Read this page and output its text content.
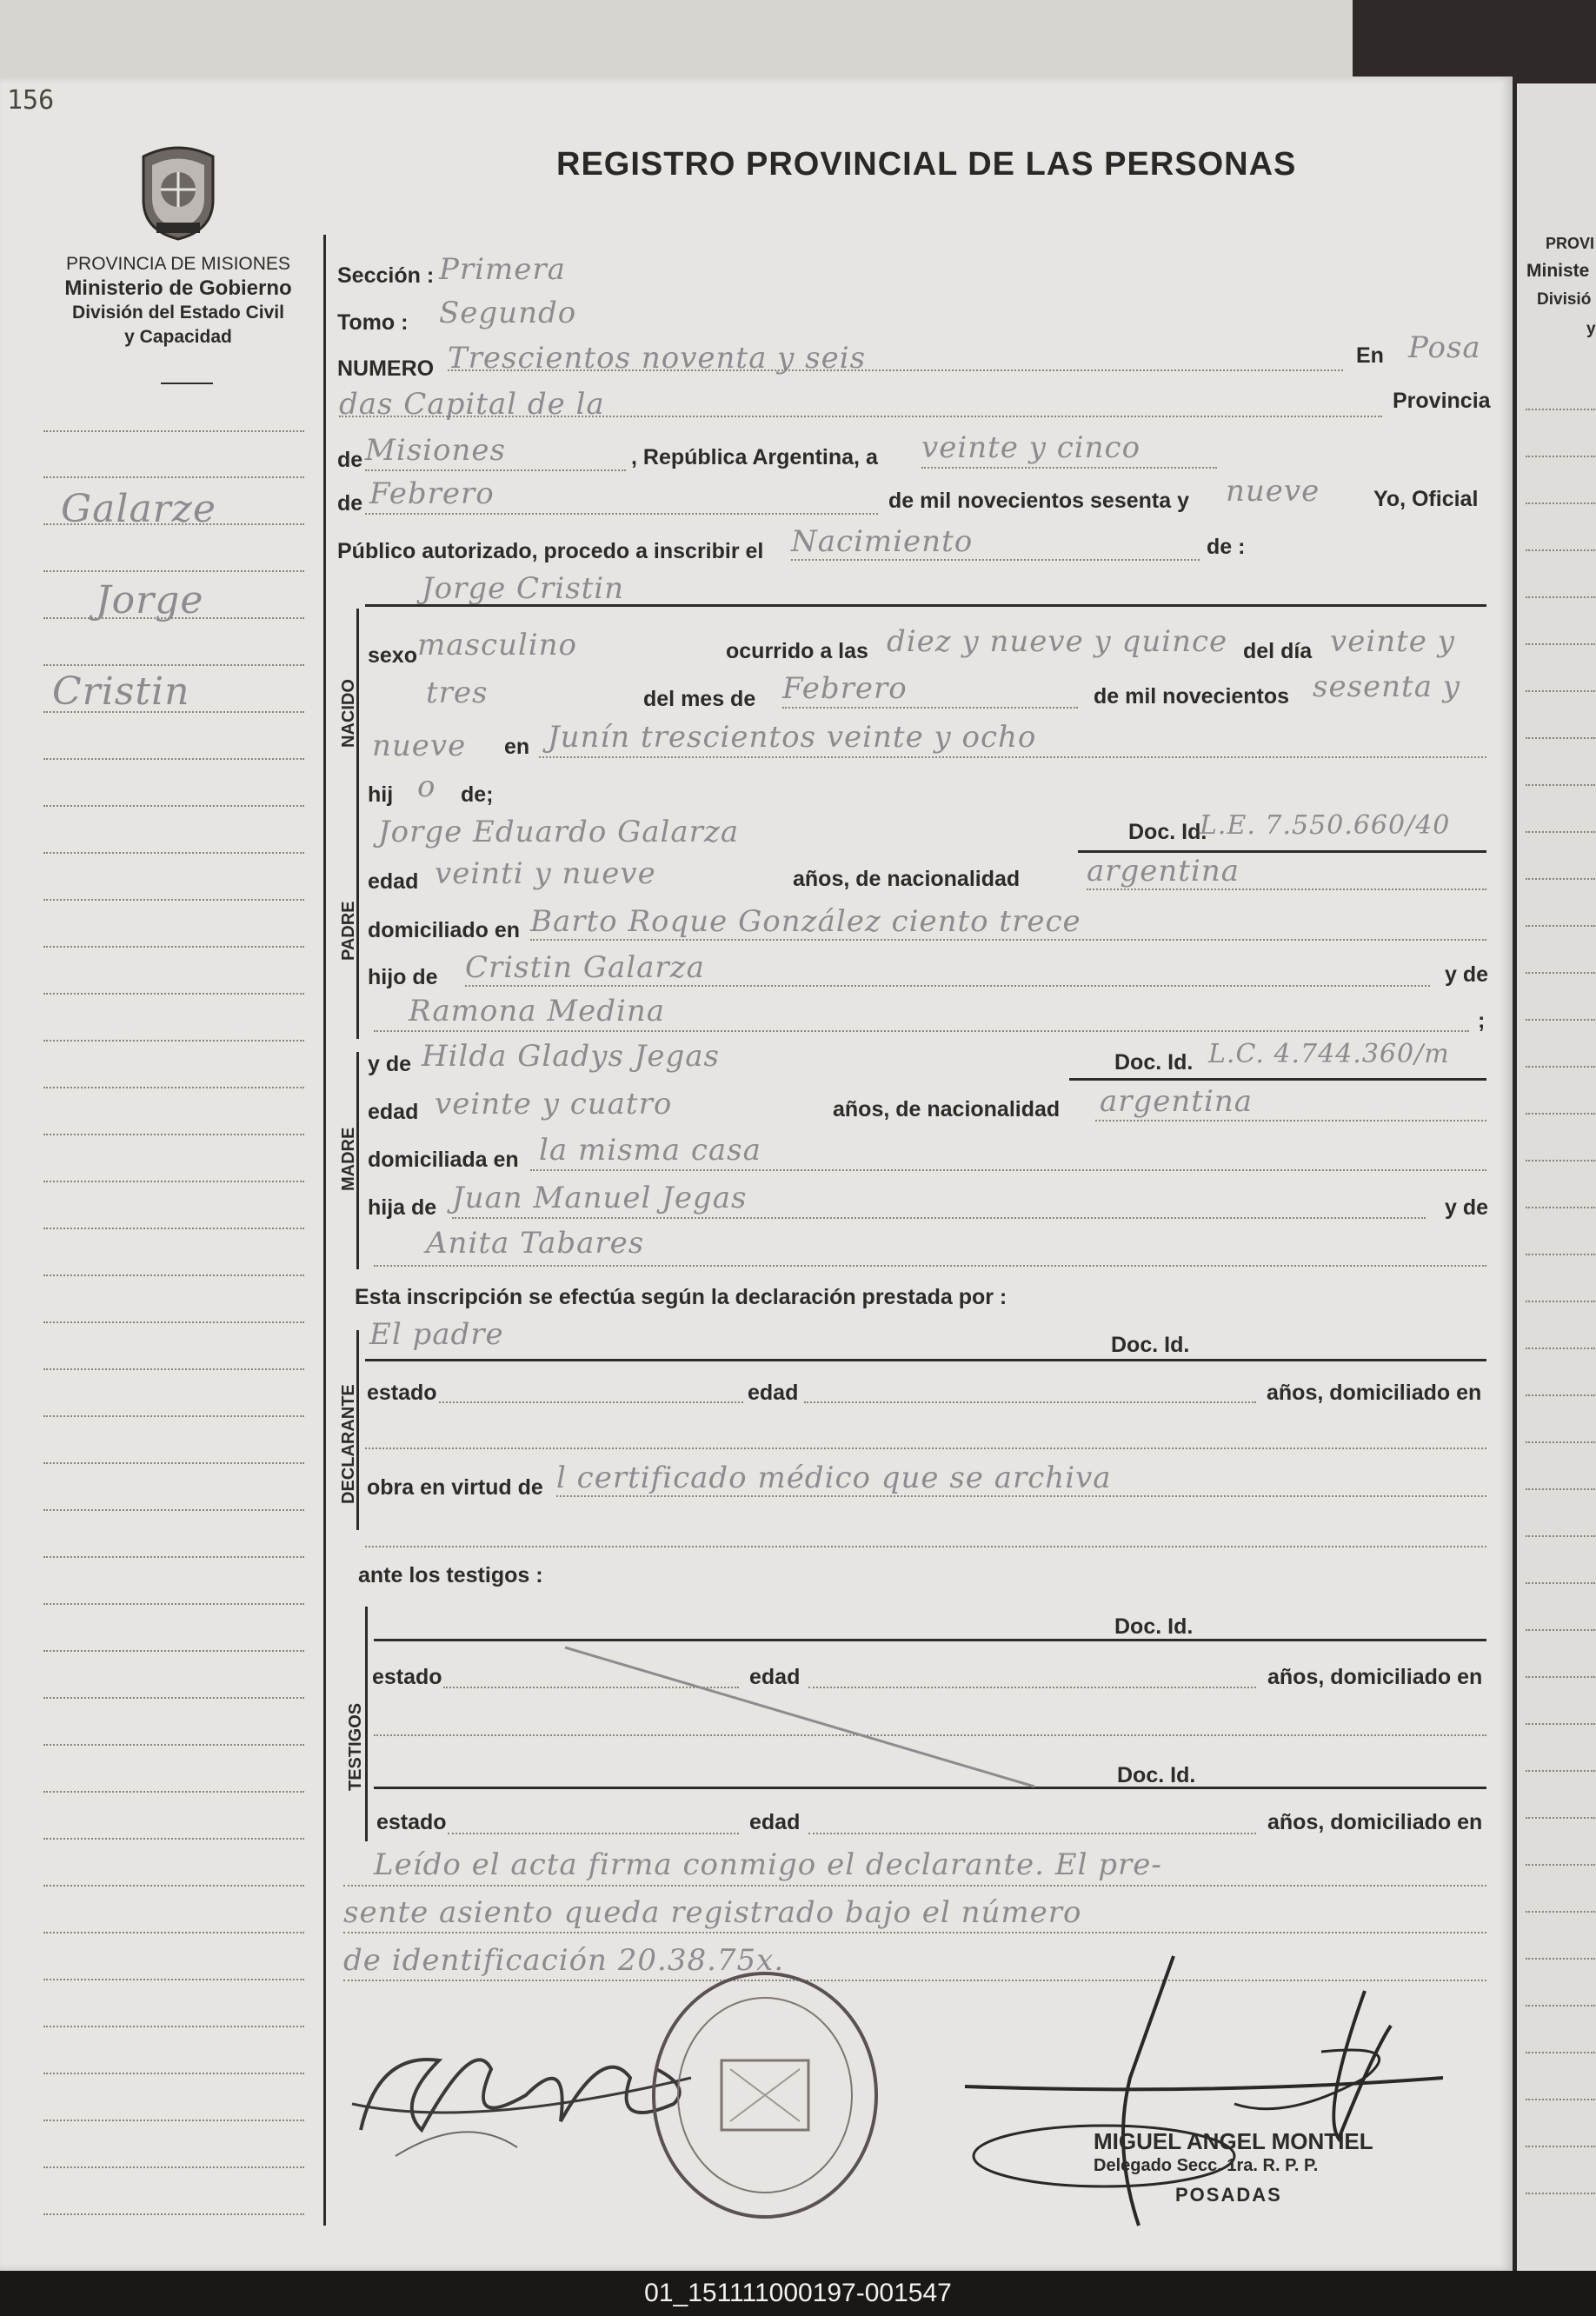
156
PROVI
Ministe
Divisió
y
PROVINCIA DE MISIONES
Ministerio de Gobierno
División del Estado Civil
y Capacidad
REGISTRO PROVINCIAL DE LAS PERSONAS
Galarze
Jorge
Cristin
Sección : Primera
Tomo : Segundo
NUMERO Trescientos noventa y seis	En Posa
das Capital de la	Provincia
de Misiones	, República Argentina, a veinte y cinco
de Febrero	de mil novecientos sesenta y nueve Yo, Oficial
Público autorizado, procedo a inscribir el Nacimiento	de :
Jorge Cristin
NACIDO
sexo masculino	ocurrido a las diez y nueve y quince del día veinte y
tres	del mes de Febrero	de mil novecientos sesenta y
nueve en Junín trescientos veinte y ocho
hij o de;
PADRE
Jorge Eduardo Galarza	Doc. Id.
L.E. 7.550.660/40
edad veinti y nueve	años, de nacionalidad argentina
domiciliado en Barto Roque González ciento trece
hijo de Cristin Galarza	y de
Ramona Medina	;
MADRE
y de Hilda Gladys Jegas	Doc. Id. L.C. 4.744.360/m
edad veinte y cuatro	años, de nacionalidad argentina
domiciliada en la misma casa
hija de Juan Manuel Jegas	y de
Anita Tabares
Esta inscripción se efectúa según la declaración prestada por :
DECLARANTE
El padre	Doc. Id.
estado	edad	años, domiciliado en
obra en virtud de l certificado médico que se archiva
ante los testigos :
TESTIGOS
Doc. Id.
estado	edad	años, domiciliado en
Doc. Id.
estado	edad	años, domiciliado en
Leído el acta firma conmigo el declarante. El pre-
sente asiento queda registrado bajo el número
de identificación 20.38.75x.
MIGUEL ANGEL MONTIEL
Delegado Secc. 1ra. R. P. P.
POSADAS
01_151111000197-001547
